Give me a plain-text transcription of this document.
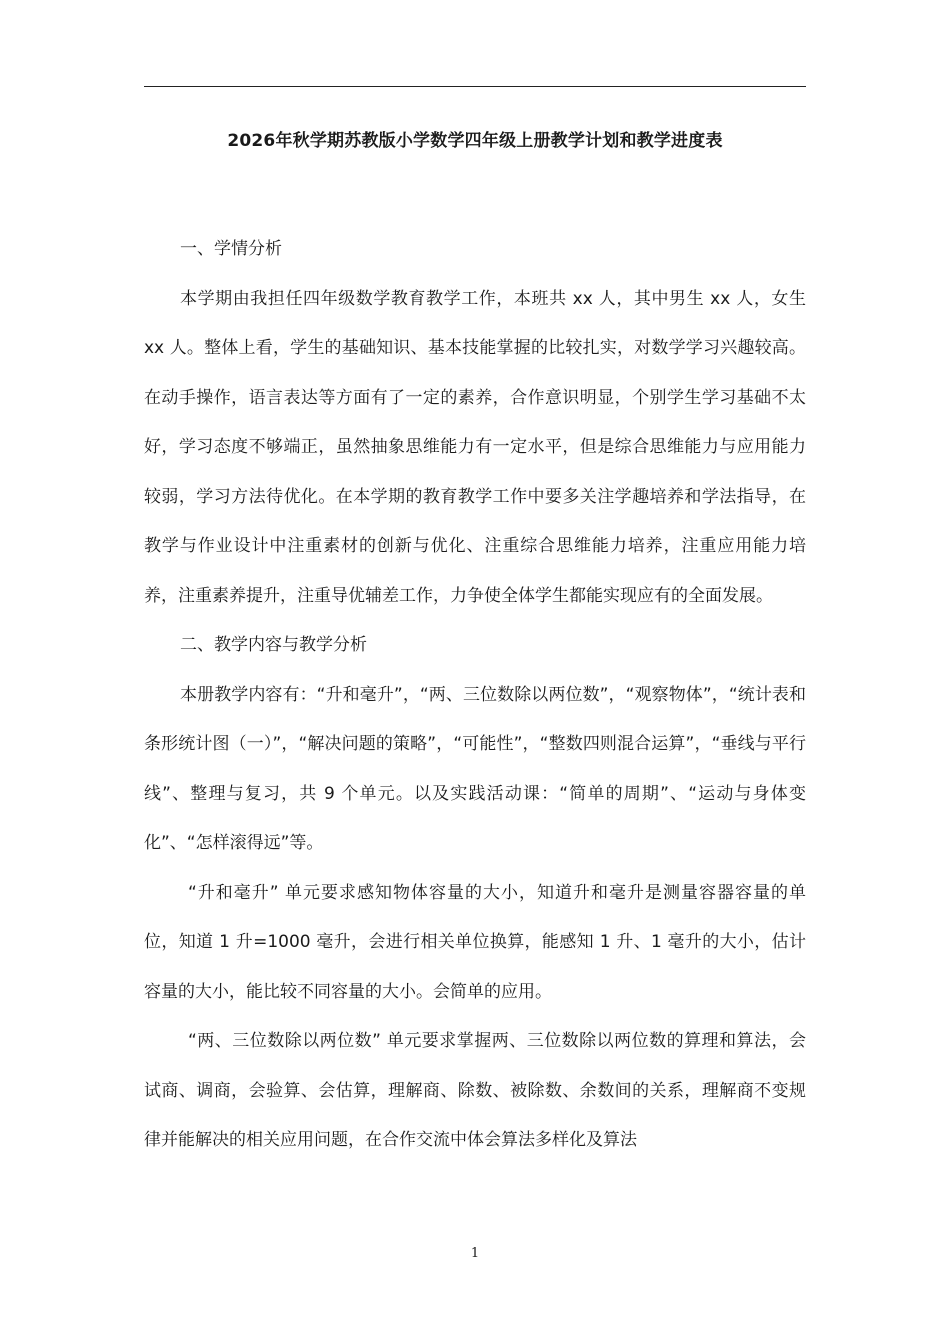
2026年秋学期苏教版小学数学四年级上册教学计划和教学进度表
一、学情分析

本学期由我担任四年级数学教育教学工作，本班共 xx 人，其中男生 xx 人，女生 xx 人。整体上看，学生的基础知识、基本技能掌握的比较扎实，对数学学习兴趣较高。在动手操作，语言表达等方面有了一定的素养，合作意识明显，个别学生学习基础不太好，学习态度不够端正，虽然抽象思维能力有一定水平，但是综合思维能力与应用能力较弱，学习方法待优化。在本学期的教育教学工作中要多关注学趣培养和学法指导，在教学与作业设计中注重素材的创新与优化、注重综合思维能力培养，注重应用能力培养，注重素养提升，注重导优辅差工作，力争使全体学生都能实现应有的全面发展。

二、教学内容与教学分析

本册教学内容有：“升和毫升”，“两、三位数除以两位数”，“观察物体”，“统计表和条形统计图（一）”，“解决问题的策略”，“可能性”，“整数四则混合运算”，“垂线与平行线”、整理与复习，共 9 个单元。以及实践活动课：“简单的周期”、“运动与身体变化”、“怎样滚得远”等。

“升和毫升” 单元要求感知物体容量的大小，知道升和毫升是测量容器容量的单位，知道 1 升=1000 毫升，会进行相关单位换算，能感知 1 升、1 毫升的大小，估计容量的大小，能比较不同容量的大小。会简单的应用。

“两、三位数除以两位数” 单元要求掌握两、三位数除以两位数的算理和算法，会试商、调商，会验算、会估算，理解商、除数、被除数、余数间的关系，理解商不变规律并能解决的相关应用问题，在合作交流中体会算法多样化及算法

1
